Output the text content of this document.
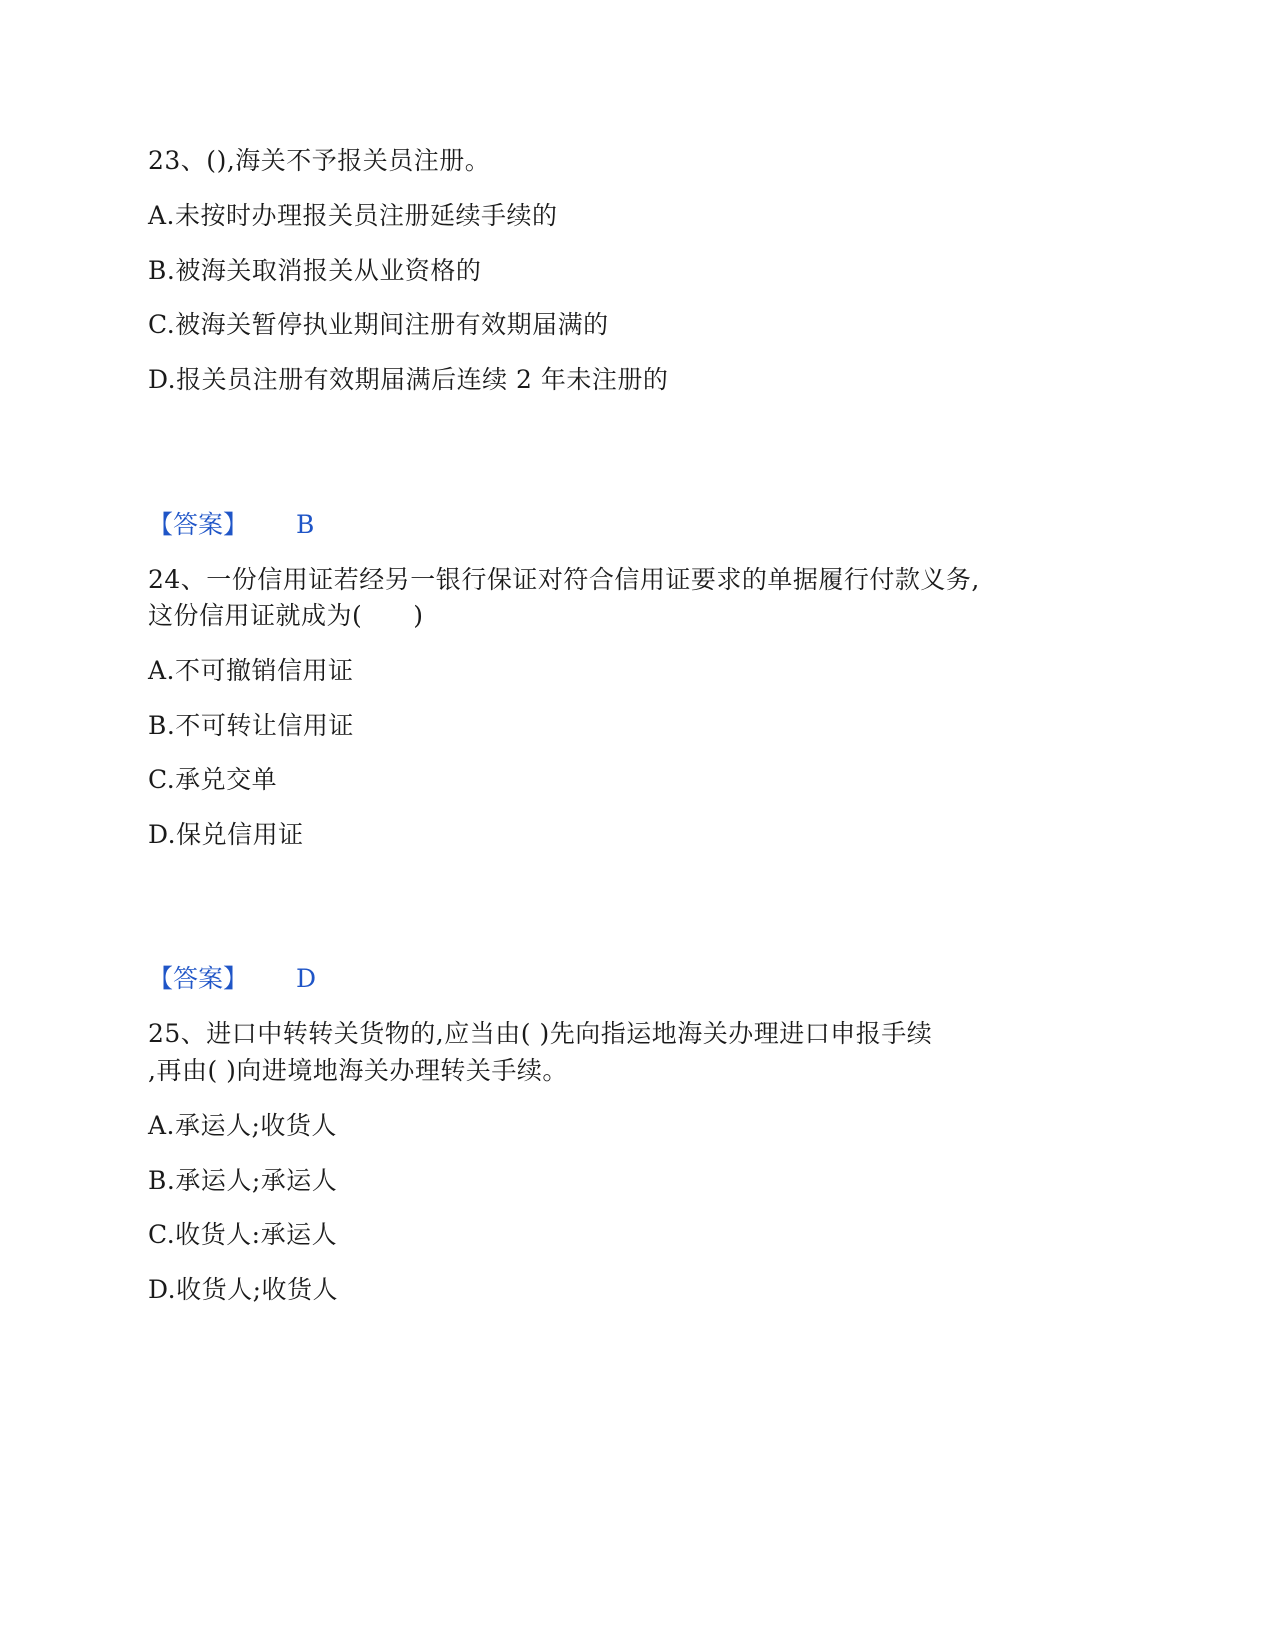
23、(),海关不予报关员注册。
A.未按时办理报关员注册延续手续的
B.被海关取消报关从业资格的
C.被海关暂停执业期间注册有效期届满的
D.报关员注册有效期届满后连续 2 年未注册的
【答案】 B
24、一份信用证若经另一银行保证对符合信用证要求的单据履行付款义务,
这份信用证就成为(　　)
A.不可撤销信用证
B.不可转让信用证
C.承兑交单
D.保兑信用证
【答案】 D
25、进口中转转关货物的,应当由( )先向指运地海关办理进口申报手续
,再由( )向进境地海关办理转关手续。
A.承运人;收货人
B.承运人;承运人
C.收货人:承运人
D.收货人;收货人
